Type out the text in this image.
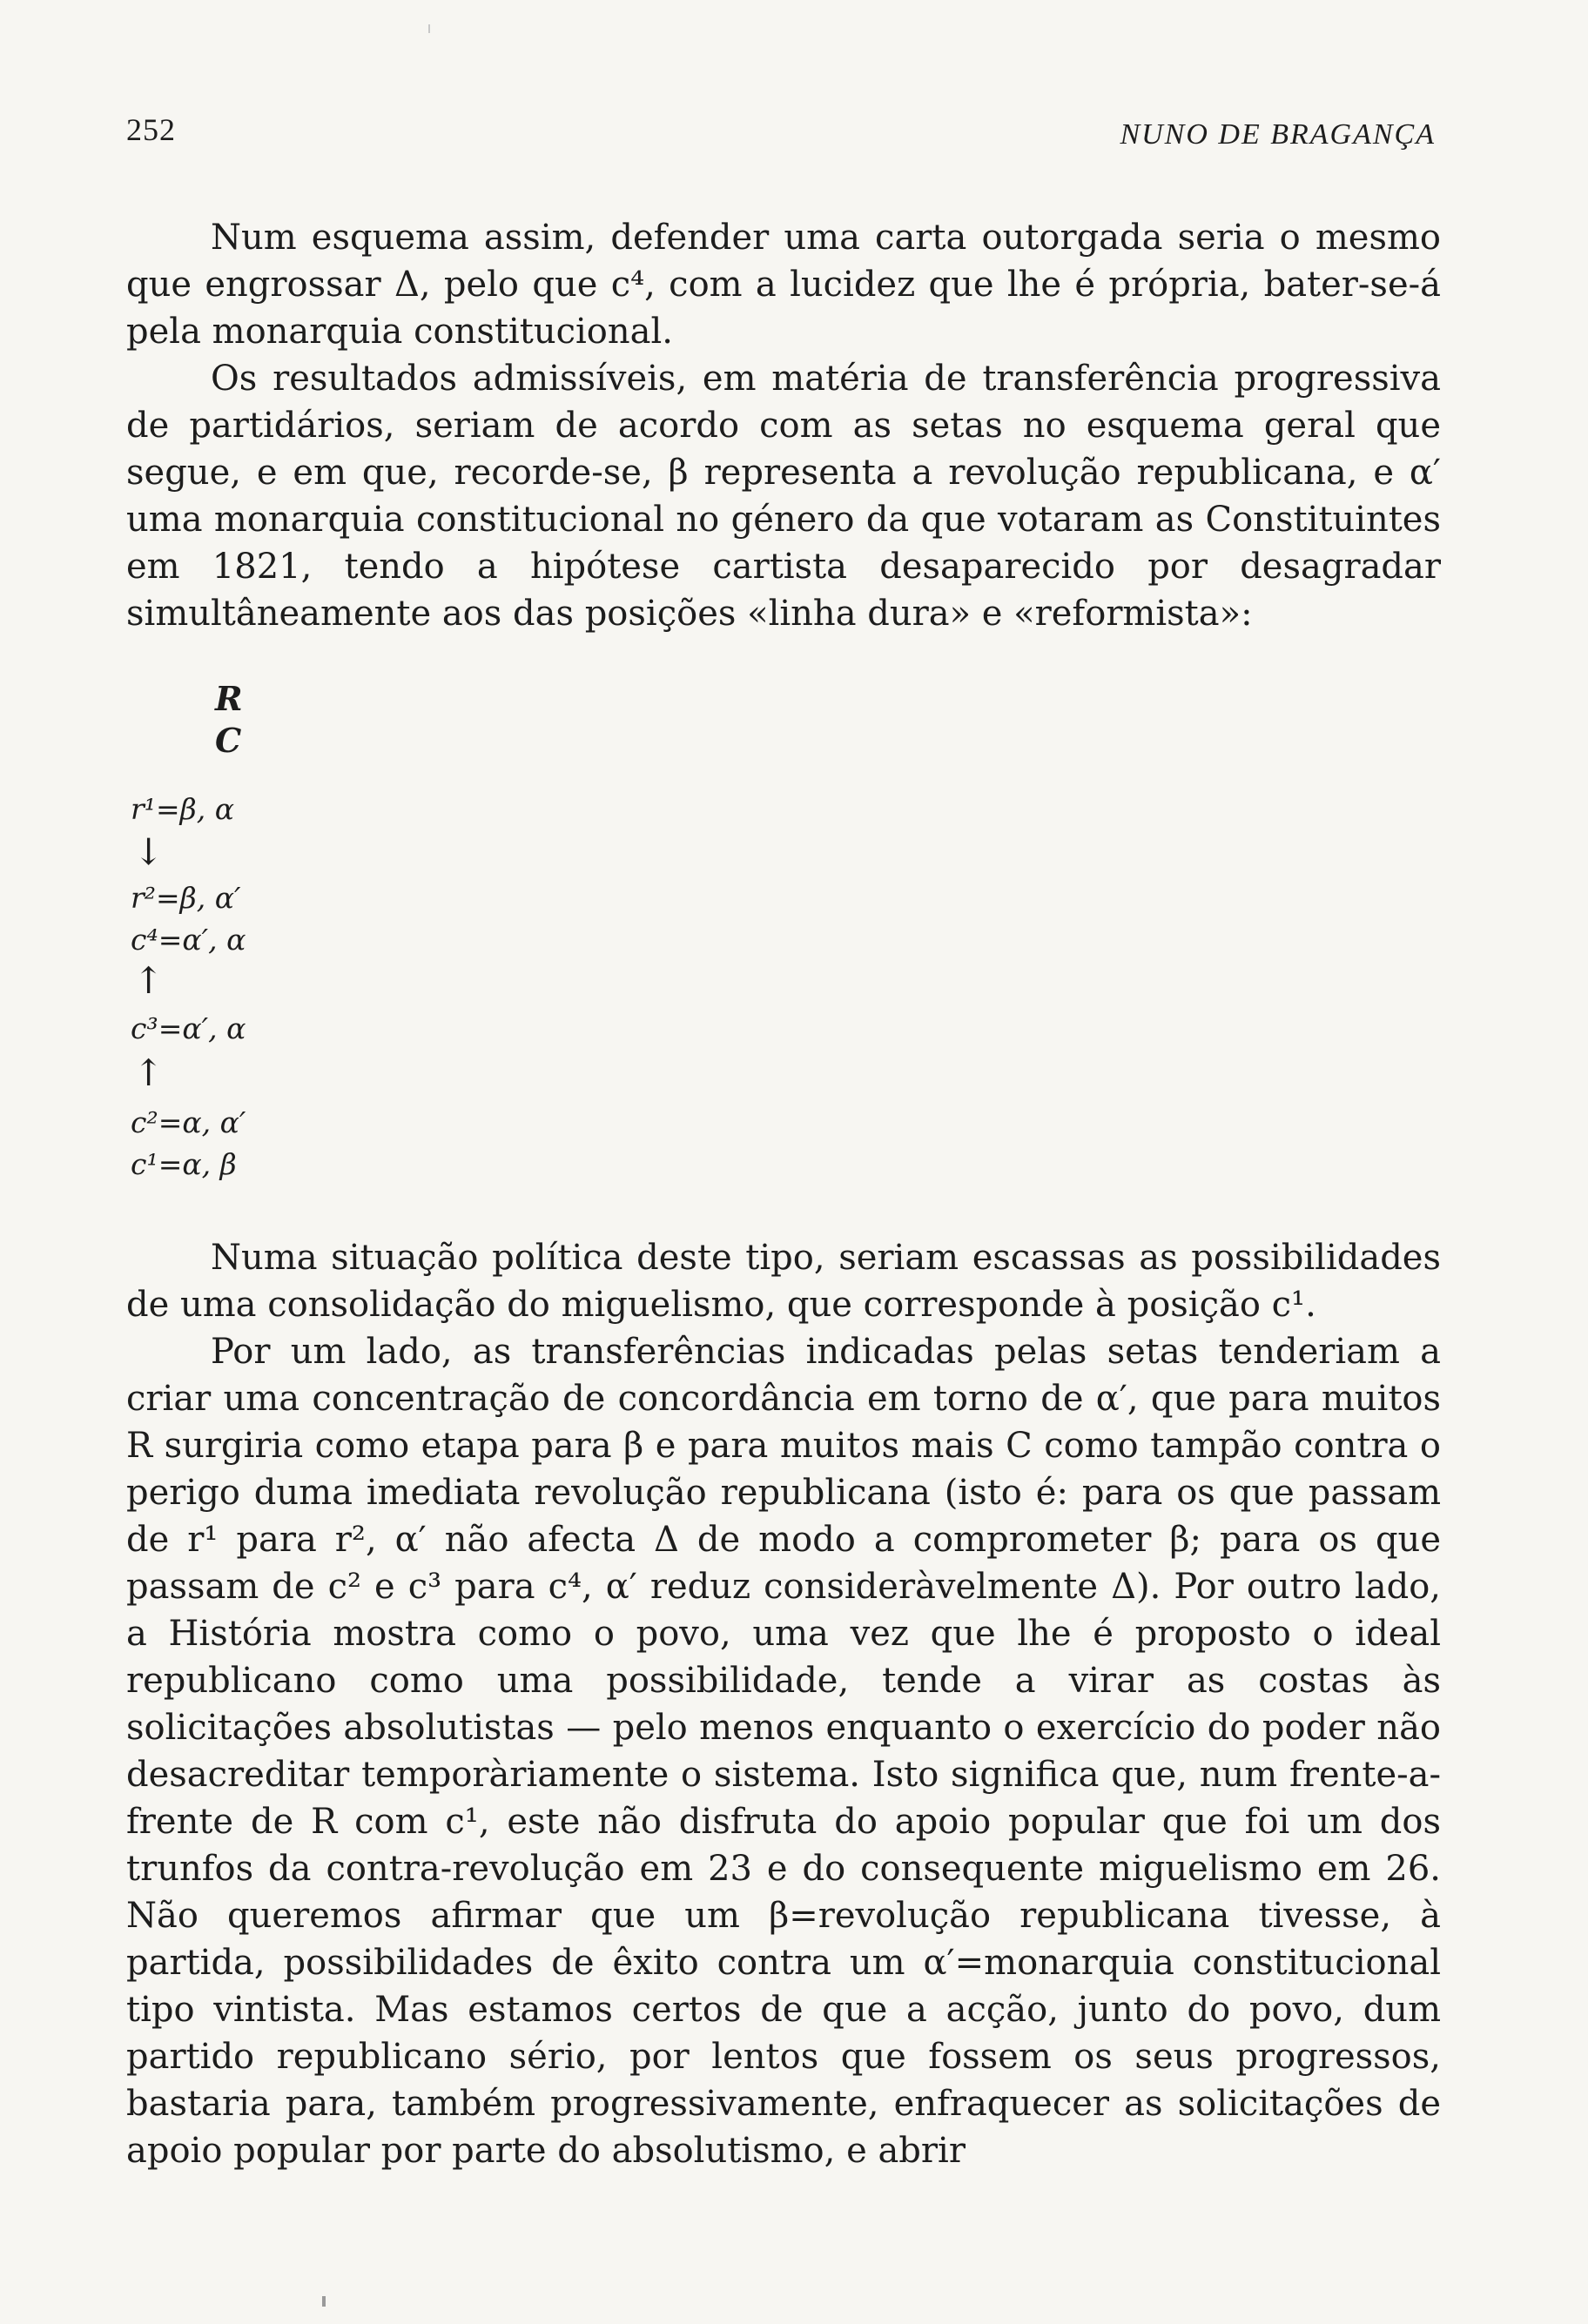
252	NUNO DE BRAGANÇA

Num esquema assim, defender uma carta outorgada seria o mesmo que engrossar Δ, pelo que c⁴, com a lucidez que lhe é própria, bater-se-á pela monarquia constitucional.

Os resultados admissíveis, em matéria de transferência progressiva de partidários, seriam de acordo com as setas no esquema geral que segue, e em que, recorde-se, β representa a revolução republicana, e α′ uma monarquia constitucional no género da que votaram as Constituintes em 1821, tendo a hipótese cartista desaparecido por desagradar simultâneamente aos das posições «linha dura» e «reformista»:

R
C
r¹=β, α
↓
r²=β, α′
c⁴=α′, α
↑
c³=α′, α
↑
c²=α, α′
c¹=α, β

Numa situação política deste tipo, seriam escassas as possibilidades de uma consolidação do miguelismo, que corresponde à posição c¹.

Por um lado, as transferências indicadas pelas setas tenderiam a criar uma concentração de concordância em torno de α′, que para muitos R surgiria como etapa para β e para muitos mais C como tampão contra o perigo duma imediata revolução republicana (isto é: para os que passam de r¹ para r², α′ não afecta Δ de modo a comprometer β; para os que passam de c² e c³ para c⁴, α′ reduz consideràvelmente Δ). Por outro lado, a História mostra como o povo, uma vez que lhe é proposto o ideal republicano como uma possibilidade, tende a virar as costas às solicitações absolutistas — pelo menos enquanto o exercício do poder não desacreditar temporàriamente o sistema. Isto significa que, num frente-a-frente de R com c¹, este não disfruta do apoio popular que foi um dos trunfos da contra-revolução em 23 e do consequente miguelismo em 26. Não queremos afirmar que um β=revolução republicana tivesse, à partida, possibilidades de êxito contra um α′=monarquia constitucional tipo vintista. Mas estamos certos de que a acção, junto do povo, dum partido republicano sério, por lentos que fossem os seus progressos, bastaria para, também progressivamente, enfraquecer as solicitações de apoio popular por parte do absolutismo, e abrir
